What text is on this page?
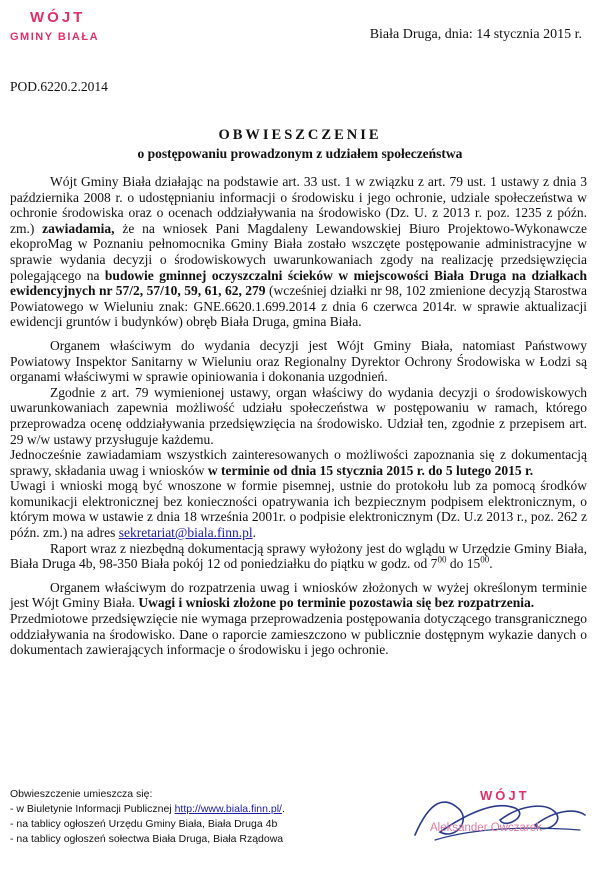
WÓJT
GMINY BIAŁA	Biała Druga, dnia: 14 stycznia 2015 r.
POD.6220.2.2014
OBWIESZCZENIE
o postępowaniu prowadzonym z udziałem społeczeństwa

Wójt Gminy Biała działając na podstawie art. 33 ust. 1 w związku z art. 79 ust. 1 ustawy z dnia 3 października 2008 r. o udostępnianiu informacji o środowisku i jego ochronie, udziale społeczeństwa w ochronie środowiska oraz o ocenach oddziaływania na środowisko (Dz. U. z 2013 r. poz. 1235 z późn. zm.) zawiadamia, że na wniosek Pani Magdaleny Lewandowskiej Biuro Projektowo-Wykonawcze ekoproMag w Poznaniu pełnomocnika Gminy Biała zostało wszczęte postępowanie administracyjne w sprawie wydania decyzji o środowiskowych uwarunkowaniach zgody na realizację przedsięwzięcia polegającego na budowie gminnej oczyszczalni ścieków w miejscowości Biała Druga na działkach ewidencyjnych nr 57/2, 57/10, 59, 61, 62, 279 (wcześniej działki nr 98, 102 zmienione decyzją Starostwa Powiatowego w Wieluniu znak: GNE.6620.1.699.2014 z dnia 6 czerwca 2014r. w sprawie aktualizacji ewidencji gruntów i budynków) obręb Biała Druga, gmina Biała.

Organem właściwym do wydania decyzji jest Wójt Gminy Biała, natomiast Państwowy Powiatowy Inspektor Sanitarny w Wieluniu oraz Regionalny Dyrektor Ochrony Środowiska w Łodzi są organami właściwymi w sprawie opiniowania i dokonania uzgodnień.

Zgodnie z art. 79 wymienionej ustawy, organ właściwy do wydania decyzji o środowiskowych uwarunkowaniach zapewnia możliwość udziału społeczeństwa w postępowaniu w ramach, którego przeprowadza ocenę oddziaływania przedsięwzięcia na środowisko. Udział ten, zgodnie z przepisem art. 29 w/w ustawy przysługuje każdemu.

Jednocześnie zawiadamiam wszystkich zainteresowanych o możliwości zapoznania się z dokumentacją sprawy, składania uwag i wniosków w terminie od dnia 15 stycznia 2015 r. do 5 lutego 2015 r.

Uwagi i wnioski mogą być wnoszone w formie pisemnej, ustnie do protokołu lub za pomocą środków komunikacji elektronicznej bez konieczności opatrywania ich bezpiecznym podpisem elektronicznym, o którym mowa w ustawie z dnia 18 września 2001r. o podpisie elektronicznym (Dz. U.z 2013 r., poz. 262 z późn. zm.) na adres sekretariat@biala.finn.pl.

Raport wraz z niezbędną dokumentacją sprawy wyłożony jest do wglądu w Urzędzie Gminy Biała, Biała Druga 4b, 98-350 Biała pokój 12 od poniedziałku do piątku w godz. od $7^{00}$ do $15^{00}$.

Organem właściwym do rozpatrzenia uwag i wniosków złożonych w wyżej określonym terminie jest Wójt Gminy Biała. Uwagi i wnioski złożone po terminie pozostawia się bez rozpatrzenia.

Przedmiotowe przedsięwzięcie nie wymaga przeprowadzenia postępowania dotyczącego transgranicznego oddziaływania na środowisko. Dane o raporcie zamieszczono w publicznie dostępnym wykazie danych o dokumentach zawierających informacje o środowisku i jego ochronie.

Obwieszczenie umieszcza się:
- w Biuletynie Informacji Publicznej http://www.biala.finn.pl/.
- na tablicy ogłoszeń Urzędu Gminy Biała, Biała Druga 4b
- na tablicy ogłoszeń sołectwa Biała Druga, Biała Rządowa
WÓJT
Aleksander Owczarek
